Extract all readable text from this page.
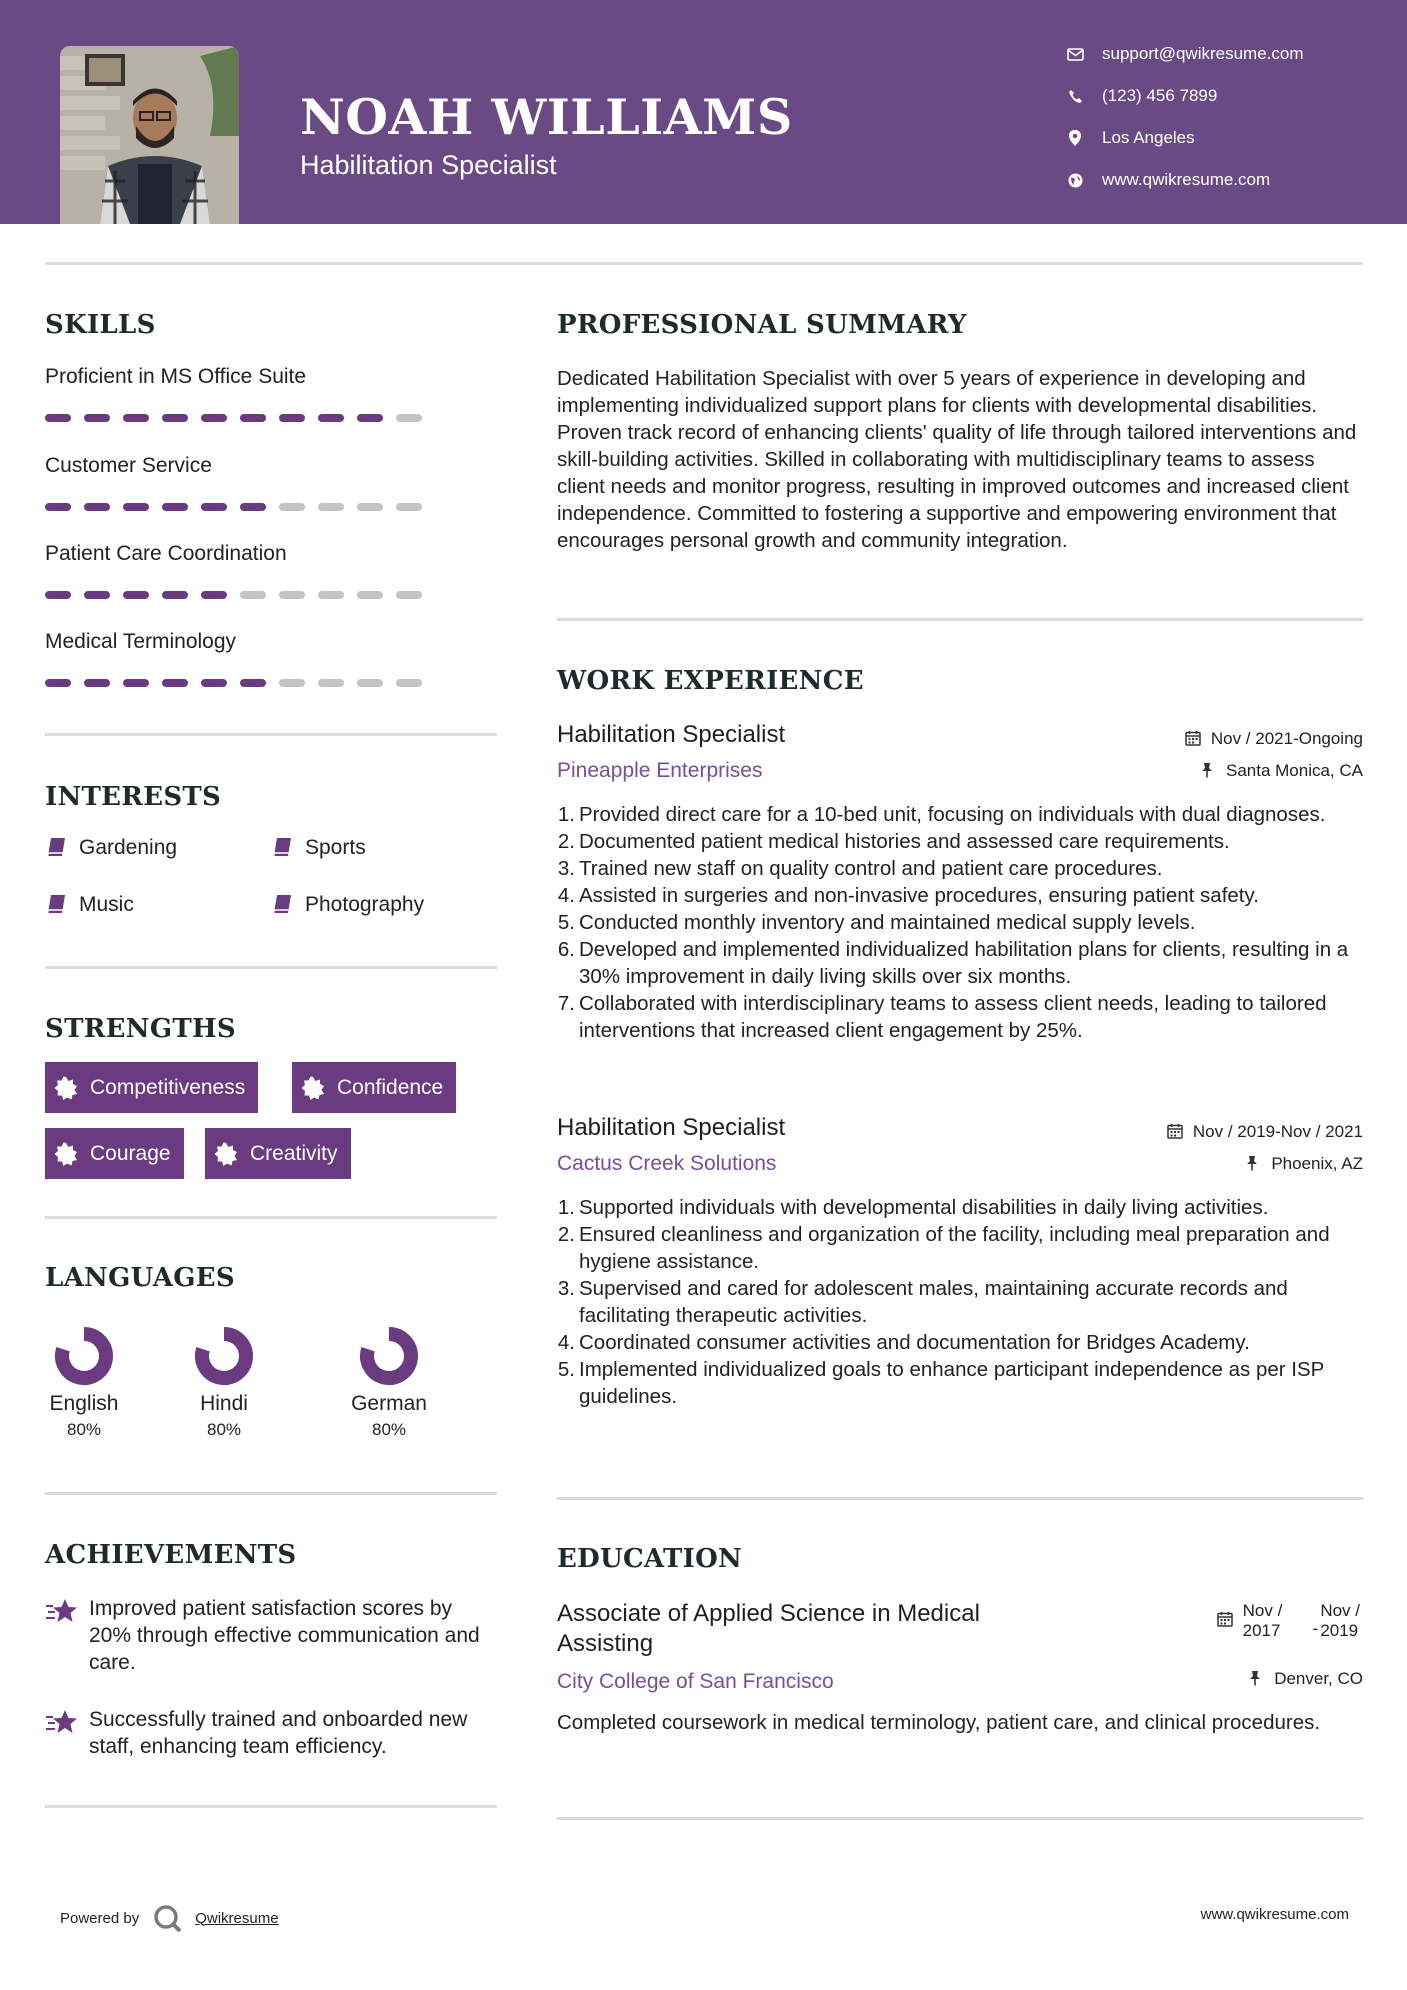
NOAH WILLIAMS
Habilitation Specialist
support@qwikresume.com
(123) 456 7899
Los Angeles
www.qwikresume.com
SKILLS
Proficient in MS Office Suite
Customer Service
Patient Care Coordination
Medical Terminology
INTERESTS
Gardening	Sports
Music	Photography
STRENGTHS
Competitiveness	Confidence
Courage	Creativity
LANGUAGES
English
80%
Hindi
80%
German
80%
ACHIEVEMENTS
Improved patient satisfaction scores by 20% through effective communication and care.
Successfully trained and onboarded new staff, enhancing team efficiency.
PROFESSIONAL SUMMARY
Dedicated Habilitation Specialist with over 5 years of experience in developing and implementing individualized support plans for clients with developmental disabilities. Proven track record of enhancing clients' quality of life through tailored interventions and skill-building activities. Skilled in collaborating with multidisciplinary teams to assess client needs and monitor progress, resulting in improved outcomes and increased client independence. Committed to fostering a supportive and empowering environment that encourages personal growth and community integration.
WORK EXPERIENCE
Habilitation Specialist
Pineapple Enterprises
Nov / 2021-Ongoing
Santa Monica, CA
1. Provided direct care for a 10-bed unit, focusing on individuals with dual diagnoses.
2. Documented patient medical histories and assessed care requirements.
3. Trained new staff on quality control and patient care procedures.
4. Assisted in surgeries and non-invasive procedures, ensuring patient safety.
5. Conducted monthly inventory and maintained medical supply levels.
6. Developed and implemented individualized habilitation plans for clients, resulting in a 30% improvement in daily living skills over six months.
7. Collaborated with interdisciplinary teams to assess client needs, leading to tailored interventions that increased client engagement by 25%.
Habilitation Specialist
Cactus Creek Solutions
Nov / 2019-Nov / 2021
Phoenix, AZ
1. Supported individuals with developmental disabilities in daily living activities.
2. Ensured cleanliness and organization of the facility, including meal preparation and hygiene assistance.
3. Supervised and cared for adolescent males, maintaining accurate records and facilitating therapeutic activities.
4. Coordinated consumer activities and documentation for Bridges Academy.
5. Implemented individualized goals to enhance participant independence as per ISP guidelines.
EDUCATION
Associate of Applied Science in Medical
Assisting
City College of San Francisco
Nov /
2017 -
Nov /
2019
Denver, CO
Completed coursework in medical terminology, patient care, and clinical procedures.
Powered by	Qwikresume	www.qwikresume.com
